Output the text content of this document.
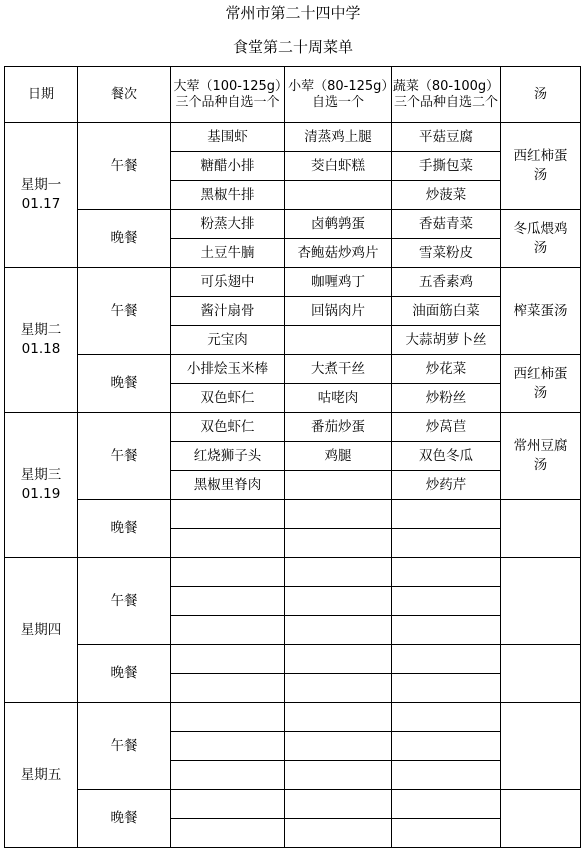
常州市第二十四中学
食堂第二十周菜单
日期	餐次	大荤（100-125g）三个品种自选一个	小荤（80-125g）自选一个	蔬菜（80-100g）三个品种自选二个	汤
星期一
01.17	午餐	基围虾	清蒸鸡上腿	平菇豆腐	西红柿蛋汤
		糖醋小排	茭白虾糕	手撕包菜	
		黑椒牛排		炒菠菜	
	晚餐	粉蒸大排	卤鹌鹑蛋	香菇青菜	冬瓜煨鸡汤
		土豆牛腩	杏鲍菇炒鸡片	雪菜粉皮	
星期二
01.18	午餐	可乐翅中	咖喱鸡丁	五香素鸡	榨菜蛋汤
		酱汁扇骨	回锅肉片	油面筋白菜	
		元宝肉		大蒜胡萝卜丝	
	晚餐	小排烩玉米棒	大煮干丝	炒花菜	西红柿蛋汤
		双色虾仁	咕咾肉	炒粉丝	
星期三
01.19	午餐	双色虾仁	番茄炒蛋	炒莴苣	常州豆腐汤
		红烧狮子头	鸡腿	双色冬瓜	
		黑椒里脊肉		炒药芹	
	晚餐				

星期四	午餐				

	晚餐				

星期五	午餐				

	晚餐				
